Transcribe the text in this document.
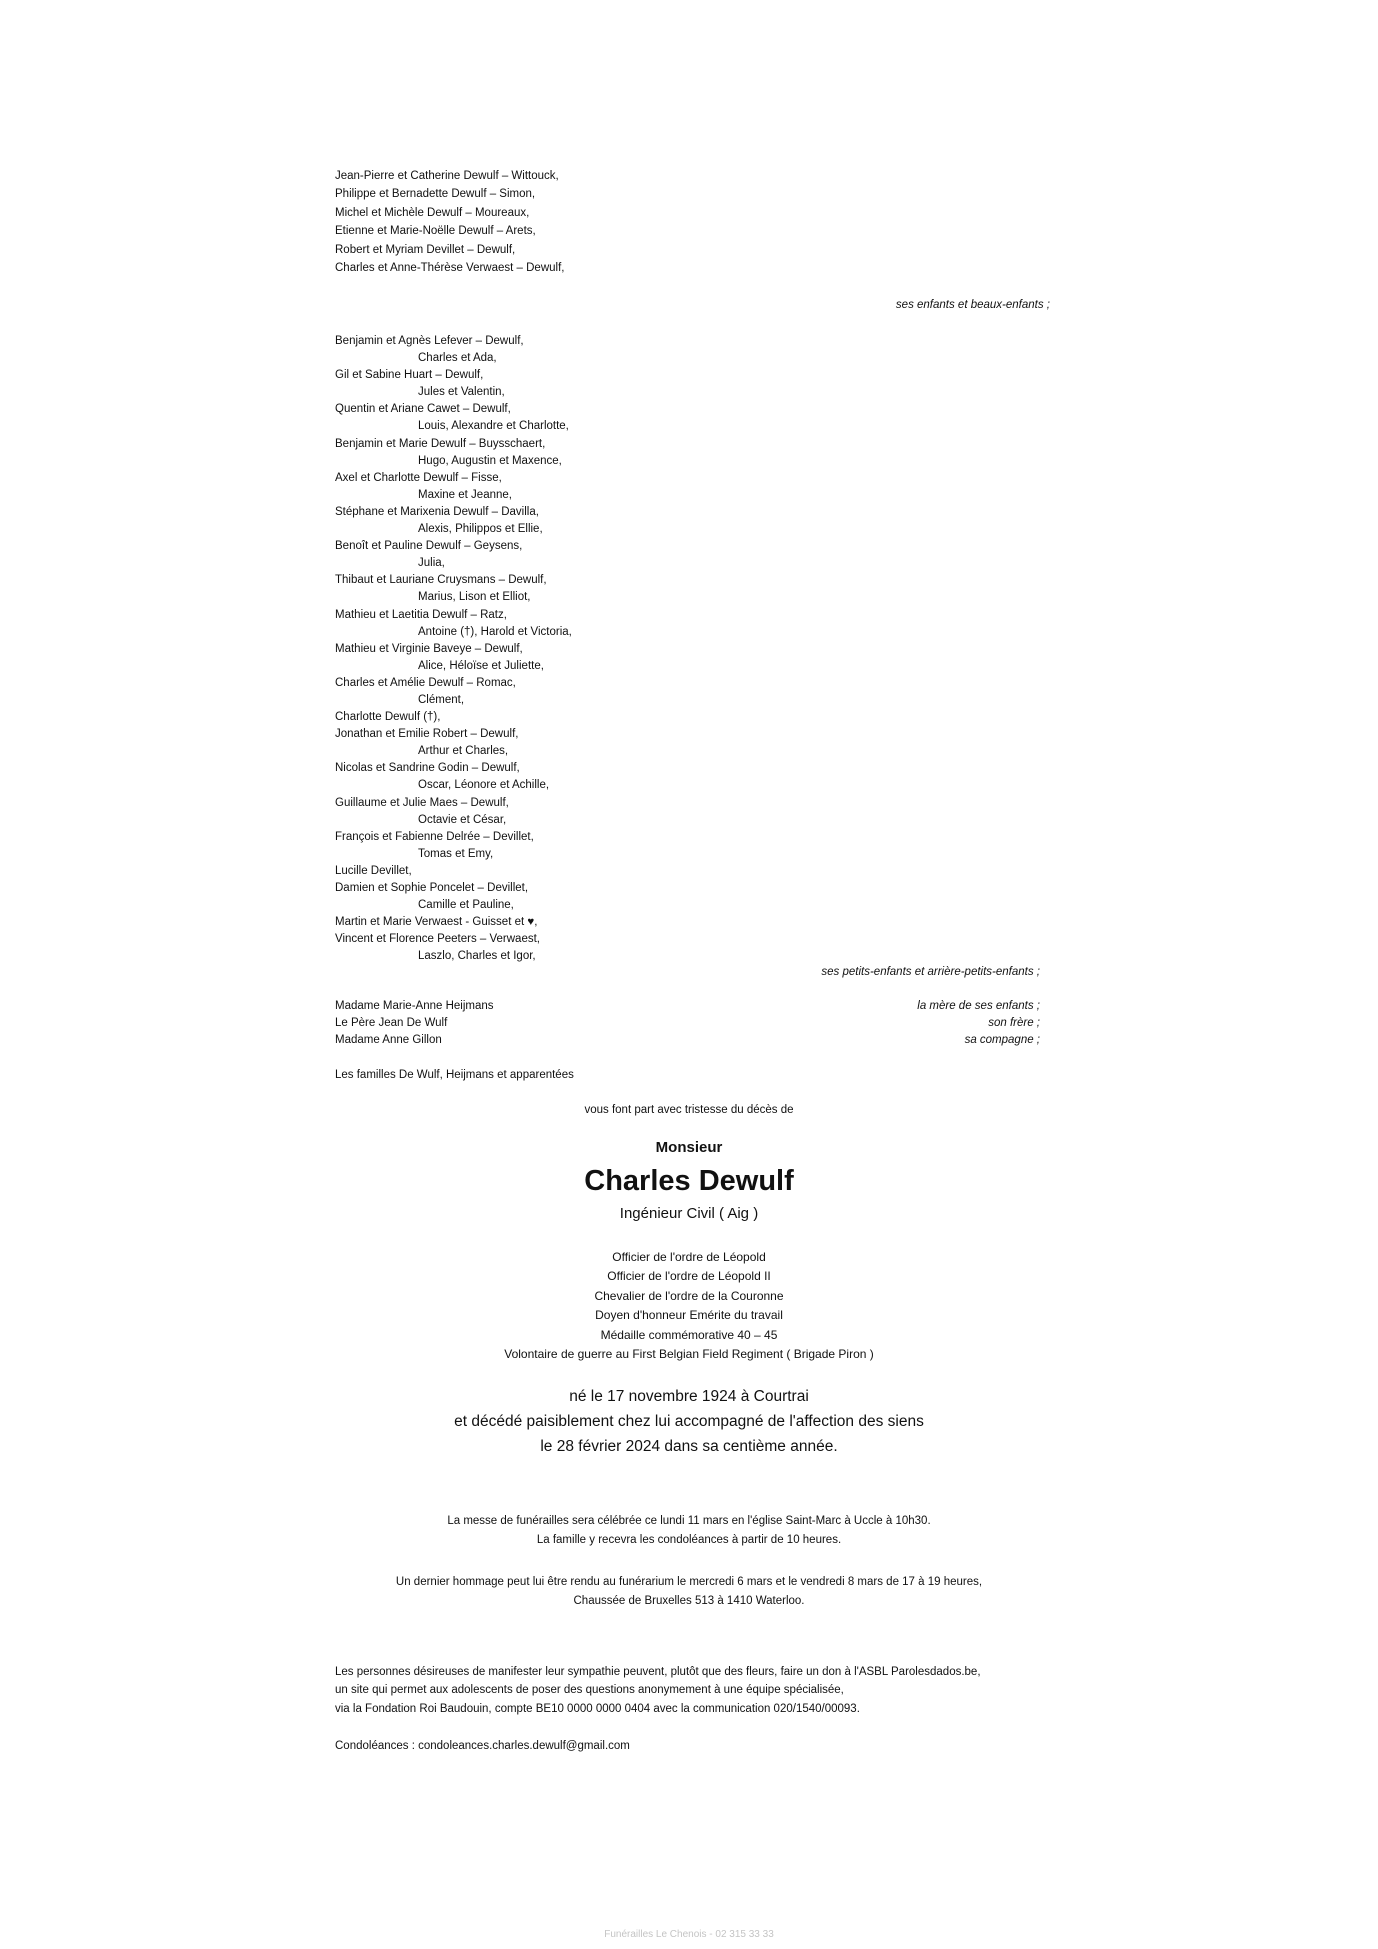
Jean-Pierre et Catherine Dewulf – Wittouck,
Philippe et Bernadette Dewulf – Simon,
Michel et Michèle Dewulf – Moureaux,
Etienne et Marie-Noëlle Dewulf – Arets,
Robert et Myriam Devillet – Dewulf,
Charles et Anne-Thérèse Verwaest – Dewulf,
ses enfants et beaux-enfants ;
Benjamin et Agnès Lefever – Dewulf,
Charles et Ada,
Gil et Sabine Huart – Dewulf,
Jules et Valentin,
Quentin et Ariane Cawet – Dewulf,
Louis, Alexandre et Charlotte,
Benjamin et Marie Dewulf – Buysschaert,
Hugo, Augustin et Maxence,
Axel et Charlotte Dewulf – Fisse,
Maxine et Jeanne,
Stéphane et Marixenia Dewulf – Davilla,
Alexis, Philippos et Ellie,
Benoît et Pauline Dewulf – Geysens,
Julia,
Thibaut et Lauriane Cruysmans – Dewulf,
Marius, Lison et Elliot,
Mathieu et Laetitia Dewulf – Ratz,
Antoine (†), Harold et Victoria,
Mathieu et Virginie Baveye – Dewulf,
Alice, Héloïse et Juliette,
Charles et Amélie Dewulf – Romac,
Clément,
Charlotte Dewulf (†),
Jonathan et Emilie Robert – Dewulf,
Arthur et Charles,
Nicolas et Sandrine Godin – Dewulf,
Oscar, Léonore et Achille,
Guillaume et Julie Maes – Dewulf,
Octavie et César,
François et Fabienne Delrée – Devillet,
Tomas et Emy,
Lucille Devillet,
Damien et Sophie Poncelet – Devillet,
Camille et Pauline,
Martin et Marie Verwaest - Guisset et ♥,
Vincent et Florence Peeters – Verwaest,
Laszlo, Charles et Igor,
ses petits-enfants et arrière-petits-enfants ;
Madame Marie-Anne Heijmans	la mère de ses enfants ;
Le Père Jean De Wulf	son frère ;
Madame Anne Gillon	sa compagne ;
Les familles De Wulf, Heijmans et apparentées
vous font part avec tristesse du décès de
Monsieur
Charles Dewulf
Ingénieur Civil ( Aig )
Officier de l'ordre de Léopold
Officier de l'ordre de Léopold II
Chevalier de l'ordre de la Couronne
Doyen d'honneur Emérite du travail
Médaille commémorative 40 – 45
Volontaire de guerre au First Belgian Field Regiment ( Brigade Piron )
né le 17 novembre 1924 à Courtrai
et décédé paisiblement chez lui accompagné de l'affection des siens
le 28 février 2024 dans sa centième année.
La messe de funérailles sera célébrée ce lundi 11 mars en l'église Saint-Marc à Uccle à 10h30.
La famille y recevra les condoléances à partir de 10 heures.
Un dernier hommage peut lui être rendu au funérarium le mercredi 6 mars et le vendredi 8 mars de 17 à 19 heures,
Chaussée de Bruxelles 513 à 1410 Waterloo.
Les personnes désireuses de manifester leur sympathie peuvent, plutôt que des fleurs, faire un don à l'ASBL Parolesdados.be,
un site qui permet aux adolescents de poser des questions anonymement à une équipe spécialisée,
via la Fondation Roi Baudouin, compte BE10 0000 0000 0404 avec la communication 020/1540/00093.
Condoléances : condoleances.charles.dewulf@gmail.com
Funérailles Le Chenois - 02 315 33 33
